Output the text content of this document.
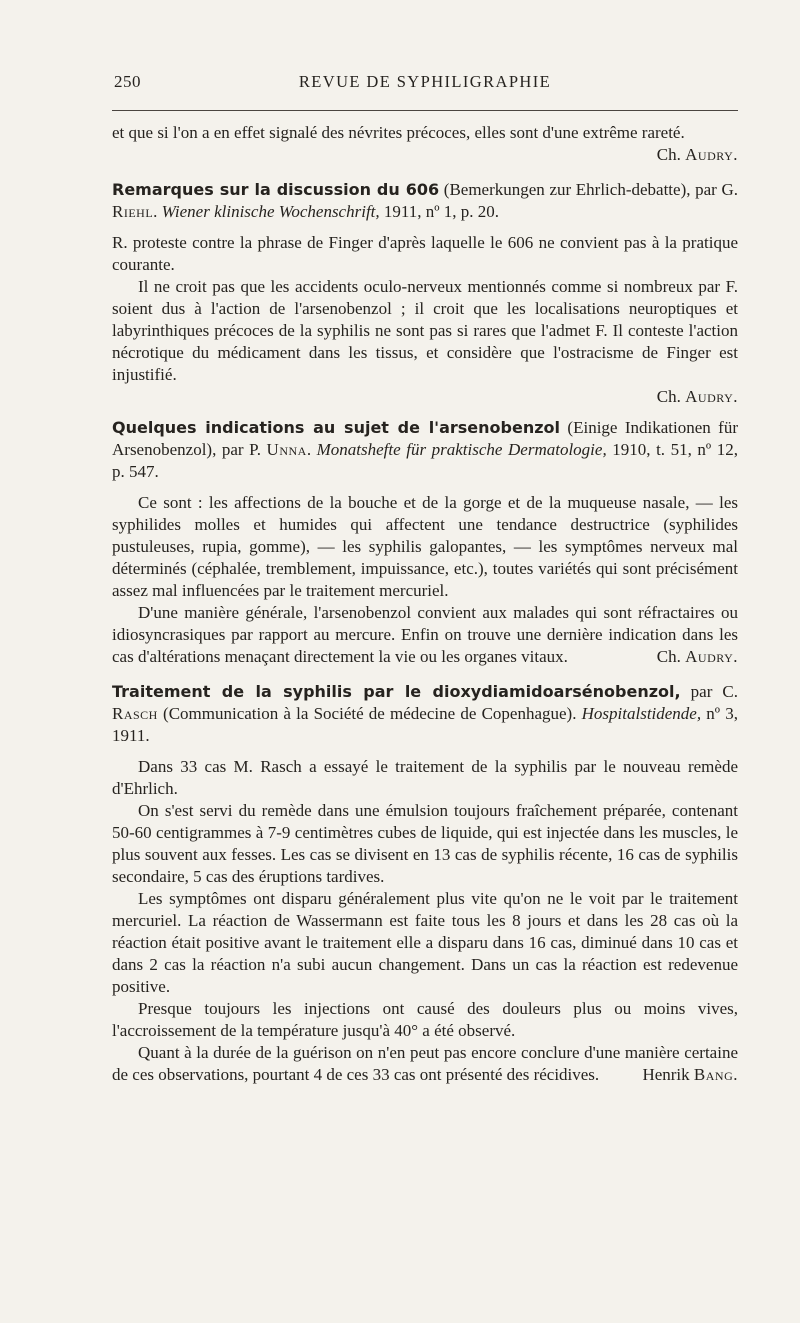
250	REVUE DE SYPHILIGRAPHIE

et que si l'on a en effet signalé des névrites précoces, elles sont d'une extrême rareté.
Ch. Audry.

Remarques sur la discussion du 606 (Bemerkungen zur Ehrlich-debatte), par G. Riehl. Wiener klinische Wochenschrift, 1911, nº 1, p. 20.

R. proteste contre la phrase de Finger d'après laquelle le 606 ne convient pas à la pratique courante.

Il ne croit pas que les accidents oculo-nerveux mentionnés comme si nombreux par F. soient dus à l'action de l'arsenobenzol ; il croit que les localisations neuroptiques et labyrinthiques précoces de la syphilis ne sont pas si rares que l'admet F. Il conteste l'action nécrotique du médicament dans les tissus, et considère que l'ostracisme de Finger est injustifié.

Ch. Audry.

Quelques indications au sujet de l'arsenobenzol (Einige Indikationen für Arsenobenzol), par P. Unna. Monatshefte für praktische Dermatologie, 1910, t. 51, nº 12, p. 547.

Ce sont : les affections de la bouche et de la gorge et de la muqueuse nasale, — les syphilides molles et humides qui affectent une tendance destructrice (syphilides pustuleuses, rupia, gomme), — les syphilis galopantes, — les symptômes nerveux mal déterminés (céphalée, tremblement, impuissance, etc.), toutes variétés qui sont précisément assez mal influencées par le traitement mercuriel.

D'une manière générale, l'arsenobenzol convient aux malades qui sont réfractaires ou idiosyncrasiques par rapport au mercure. Enfin on trouve une dernière indication dans les cas d'altérations menaçant directement la vie ou les organes vitaux.	Ch. Audry.

Traitement de la syphilis par le dioxydiamidoarsénobenzol, par C. Rasch (Communication à la Société de médecine de Copenhague). Hospitalstidende, nº 3, 1911.

Dans 33 cas M. Rasch a essayé le traitement de la syphilis par le nouveau remède d'Ehrlich.

On s'est servi du remède dans une émulsion toujours fraîchement préparée, contenant 50-60 centigrammes à 7-9 centimètres cubes de liquide, qui est injectée dans les muscles, le plus souvent aux fesses. Les cas se divisent en 13 cas de syphilis récente, 16 cas de syphilis secondaire, 5 cas des éruptions tardives.

Les symptômes ont disparu généralement plus vite qu'on ne le voit par le traitement mercuriel. La réaction de Wassermann est faite tous les 8 jours et dans les 28 cas où la réaction était positive avant le traitement elle a disparu dans 16 cas, diminué dans 10 cas et dans 2 cas la réaction n'a subi aucun changement. Dans un cas la réaction est redevenue positive.

Presque toujours les injections ont causé des douleurs plus ou moins vives, l'accroissement de la température jusqu'à 40° a été observé.

Quant à la durée de la guérison on n'en peut pas encore conclure d'une manière certaine de ces observations, pourtant 4 de ces 33 cas ont présenté des récidives.	Henrik Bang.
